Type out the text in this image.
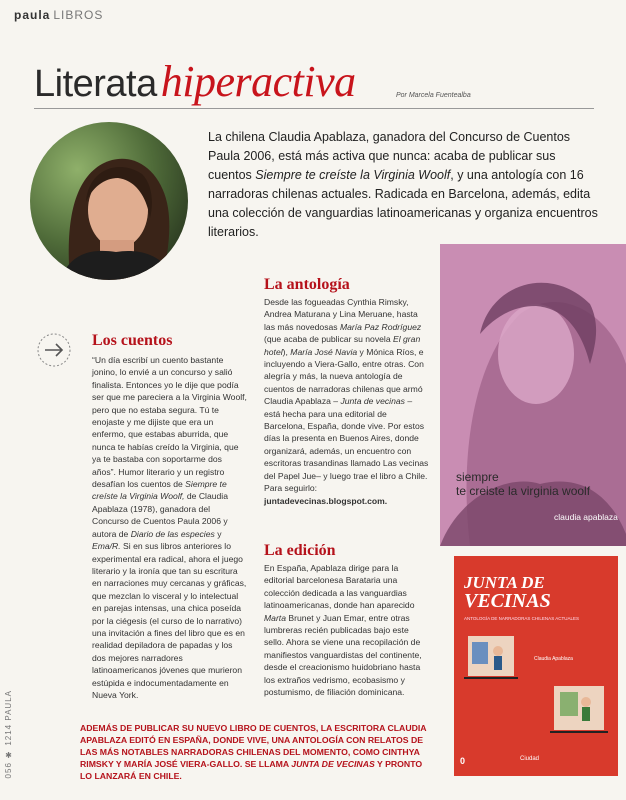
paula LIBROS
Literatahiperactiva	Por Marcela Fuentealba
La chilena Claudia Apablaza, ganadora del Concurso de Cuentos Paula 2006, está más activa que nunca: acaba de publicar sus cuentos Siempre te creíste la Virginia Woolf, y una antología con 16 narradoras chilenas actuales. Radicada en Barcelona, además, edita una colección de vanguardias latinoamericanas y organiza encuentros literarios.
Los cuentos
“Un día escribí un cuento bastante jonino, lo envié a un concurso y salió finalista. Entonces yo le dije que podía ser que me pareciera a la Virginia Woolf, pero que no estaba segura. Tú te enojaste y me dijiste que era un enfermo, que estabas aburrida, que nunca te habías creído la Virginia, que ya te bastaba con soportarme dos años”. Humor literario y un registro desafían los cuentos de Siempre te creíste la Virginia Woolf, de Claudia Apablaza (1978), ganadora del Concurso de Cuentos Paula 2006 y autora de Diario de las especies y Ema/R. Si en sus libros anteriores lo experimental era radical, ahora el juego literario y la ironía que tan su escritura en narraciones muy cercanas y gráficas, que mezclan lo visceral y lo intelectual en parejas intensas, una chica poseída por la ciégesis (el curso de lo narrativo) una invitación a fines del libro que es en realidad depiladora de papadas y los dos mejores narradores latinoamericanos jóvenes que murieron estúpida e indocumentadamente en Nueva York.
La antología
Desde las fogueadas Cynthia Rimsky, Andrea Maturana y Lina Meruane, hasta las más novedosas María Paz Rodríguez (que acaba de publicar su novela El gran hotel), María José Navia y Mónica Ríos, e incluyendo a Viera-Gallo, entre otras. Con alegría y más, la nueva antología de cuentos de narradoras chilenas que armó Claudia Apablaza – Junta de vecinas – está hecha para una editorial de Barcelona, España, donde vive. Por estos días la presenta en Buenos Aires, donde organizará, además, un encuentro con escritoras trasandinas llamado Las vecinas del Papel Jue– y luego trae el libro a Chile. Para seguirlo: juntadevecinas.blogspot.com.
La edición
En España, Apablaza dirige para la editorial barcelonesa Barataria una colección dedicada a las vanguardias latinoamericanas, donde han aparecido Marta Brunet y Juan Emar, entre otras lumbreras recién publicadas bajo este sello. Ahora se viene una recopilación de manifiestos vanguardistas del continente, desde el creacionismo huidobriano hasta los extraños vedrismo, ecobasismo y postumismo, de filiación dominicana.
siempre
te creiste la virginia woolf
claudia apablaza
JUNTA DE
VECINAS
ANTOLOGÍA DE NARRADORAS CHILENAS ACTUALES
Claudia Apablaza
0	Ciudad
ADEMÁS DE PUBLICAR SU NUEVO LIBRO DE CUENTOS, LA ESCRITORA CLAUDIA APABLAZA EDITÓ EN ESPAÑA, DONDE VIVE, UNA ANTOLOGÍA CON RELATOS DE LAS MÁS NOTABLES NARRADORAS CHILENAS DEL MOMENTO, COMO CINTHYA RIMSKY Y MARÍA JOSÉ VIERA-GALLO. SE LLAMA JUNTA DE VECINAS Y PRONTO LO LANZARÁ EN CHILE.
056 ✱ 1214 PAULA
